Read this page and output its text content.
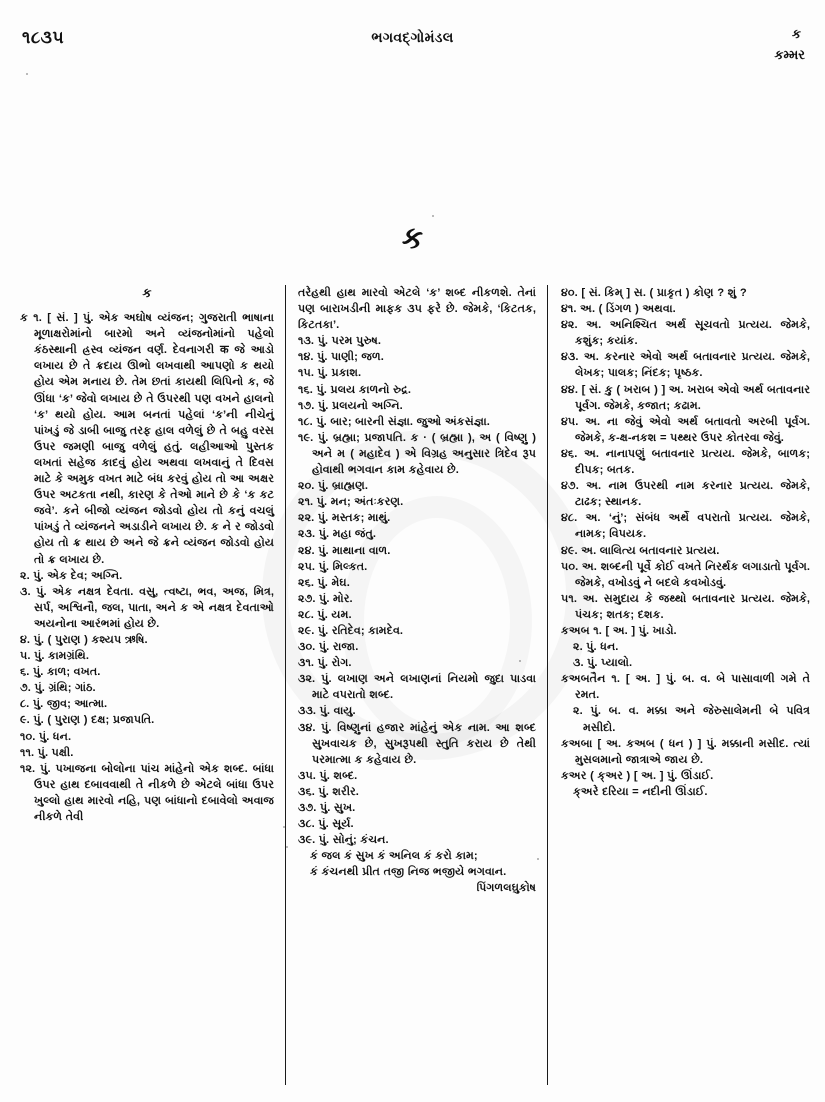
૧૮૩૫	ભગવદ્ગોમંડલ	ક
કમ્મર
ક
ક

ક ૧. [ સં. ] પું. એક અઘોષ વ્યંજન; ગુજરાતી ભાષાના મૂળાક્ષરોમાંનો બારમો અને વ્યંજનોમાંનો પહેલો કંઠસ્થાની હ્રસ્વ વ્યંજન વર્ણ. દેવનાગરી क જે આડો લખાય છે તે ક્રદાય ઊભો લખવાથી આપણો ક થયો હોય એમ મનાય છે. તેમ છતાં કાયથી લિપિનો ક, જે ઊંધા ‘ક’ જેવો લખાય છે તે ઉપરથી પણ વખને હાલનો ‘ક’ થયો હોય. આમ બનતાં પહેલાં ‘ક’ની નીચેનું પાંખડું જે ડાબી બાજુ તરફ હાલ વળેલું છે તે બહુ વરસ ઉપર જમણી બાજુ વળેલું હતું. લહીઆઓ પુસ્તક લખતાં સહેજ કાદવું હોય અથવા લખવાનું તે દિવસ માટે કે અમુક વખત માટે બંધ કરવું હોય તો આ અક્ષર ઉપર અટકતા નથી, કારણ કે તેઓ માને છે કે ‘ક કટ જવે’. કને બીજો વ્યંજન જોડવો હોય તો કનું વચલું પાંખડું તે વ્યંજનને અડાડીને લખાય છે. ક ને ર જોડવો હોય તો ક્ર થાય છે અને જે ક્રને વ્યંજન જોડવો હોય તો ક્ર લખાય છે.

૨. પું. એક દેવ; અગ્નિ.

૩. પું. એક નક્ષત્ર દેવતા. વસુ, ત્વષ્ટા, ભવ, અજ, મિત્ર, સર્પ, અશ્વિનૌ, જલ, પાતા, અને ક એ નક્ષત્ર દેવતાઓ અયનોના આરંભમાં હોય છે.

૪. પું. ( પુરાણ ) કશ્યપ ઋષિ.

૫. પું. કામગ્રંથિ.

૬. પું. કાળ; વખત.

૭. પું. ગ્રંથિ; ગાંઠ.

૮. પું. જીવ; આત્મા.

૯. પું. ( પુરાણ ) દક્ષ; પ્રજાપતિ.

૧૦. પું. ધન.

૧૧. પું. પક્ષી.

૧૨. પું. પખાજના બોલોના પાંચ માંહેનો એક શબ્દ. બાંધા ઉપર હાથ દબાવવાથી તે નીકળે છે એટલે બાંધા ઉપર ખુલ્લો હાથ મારવો નહિ, પણ બાંધાનો દબાવેલો અવાજ નીકળે તેવી

તરેહથી હાથ મારવો એટલે ‘ક’ શબ્દ નીકળશે. તેનાં પણ બારાખડીની માફક ૩૫ ફરે છે. જેમકે, ‘કિટતક, કિટતકા’.

૧૩. પું. પરમ પુરુષ.

૧૪. પું. પાણી; જળ.

૧૫. પું. પ્રકાશ.

૧૬. પું. પ્રલય કાળનો રુદ્ર.

૧૭. પું. પ્રલયનો અગ્નિ.

૧૮. પું. બાર; બારની સંજ્ઞા. જુઓ અંકસંજ્ઞા.

૧૯. પું. બ્રહ્મા; પ્રજાપતિ. ક · ( બ્રહ્મા ), અ ( વિષ્ણુ ) અને મ ( મહાદેવ ) એ વિગ્રહ અનુસાર ત્રિદેવ રૂપ હોવાથી ભગવાન કામ કહેવાય છે.

૨૦. પું. બ્રાહ્મણ.

૨૧. પું. મન; અંતઃકરણ.

૨૨. પું. મસ્તક; માથું.

૨૩. પું. મહા જંતુ.

૨૪. પું. માથાના વાળ.

૨૫. પું. મિલ્કત.

૨૬. પું. મેઘ.

૨૭. પું. મોર.

૨૮. પું. યમ.

૨૯. પું. રતિદેવ; કામદેવ.

૩૦. પું. રાજા.

૩૧. પું. રોગ.

૩૨. પું. લખાણ અને લખાણનાં નિયમો જુદા પાડવા માટે વપરાતો શબ્દ.

૩૩. પું. વાયુ.

૩૪. પું. વિષ્ણુનાં હજાર માંહેનું એક નામ. આ શબ્દ સુખવાચક છે, સુખરૂપથી સ્તુતિ કરાય છે તેથી પરમાત્મા ક કહેવાય છે.

૩૫. પું. શબ્દ.

૩૬. પું. શરીર.

૩૭. પું. સુખ.

૩૮. પું. સૂર્ય.

૩૯. પું. સોનું; કંચન.

કં જલ કં સુખ કં અનિલ કં કરો કામ;

કં કંચનથી પ્રીત તજી નિજ ભજીયે ભગવાન.

પિંગળલઘુકોષ

૪૦. [ સં. કિમ્ ] સ. ( પ્રાકૃત ) કોણ ? શું ?

૪૧. અ. ( ડિંગળ ) અથવા.

૪૨. અ. અનિશ્ચિત અર્થ સૂચવતો પ્રત્યય. જેમકે, કશુંક; કયાંક.

૪૩. અ. કરનાર એવો અર્થ બતાવનાર પ્રત્યય. જેમકે, લેખક; પાલક; નિંદક; પૃષ્ઠક.

૪૪. [ સં. કુ ( ખરાબ ) ] અ. ખરાબ એવો અર્થ બતાવનાર પૂર્વગ. જેમકે, કજાત; કઢામ.

૪૫. અ. ના જેવું એવો અર્થ બતાવતો અરબી પૂર્વગ. જેમકે, ક-ક્ષ-નકશ = પથ્થર ઉપર કોતરવા જેવું.

૪૬. અ. નાનાપણું બતાવનાર પ્રત્યય. જેમકે, બાળક; દીપક; બતક.

૪૭. અ. નામ ઉપરથી નામ કરનાર પ્રત્યય. જેમકે, ટાઢક; સ્થાનક.

૪૮. અ. ‘નું’; સંબંધ અર્થે વપરાતો પ્રત્યય. જેમકે, નામક; વિપયક.

૪૯. અ. લાલિત્ય બતાવનાર પ્રત્યય.

૫૦. અ. શબ્દની પૂર્વે કોઈ વખતે નિરર્થક લગાડાતો પૂર્વગ. જેમકે, વખોડવું ને બદલે કવખોડવું.

૫૧. અ. સમુદાય કે જથ્થો બતાવનાર પ્રત્યય. જેમકે, પંચક; શતક; દશક.

કઅબ ૧. [ અ. ] પું. ખાડો.

૨. પું. ધન.

૩. પું. પ્યાલો.

કઅબતૈન ૧. [ અ. ] પું. બ. વ. બે પાસાવાળી ગમે તે રમત.

૨. પું. બ. વ. મક્કા અને જેરુસાલેમની બે પવિત્ર મસીદો.

કઅબા [ અ. કઅબ ( ધન ) ] પું. મક્કાની મસીદ. ત્યાં મુસલમાનો જાત્રાએ જાય છે.

કઅર ( ક્અર ) [ અ. ] પું. ઊંડાઈ.

ક્અરે દરિયા = નદીની ઊંડાઈ.
